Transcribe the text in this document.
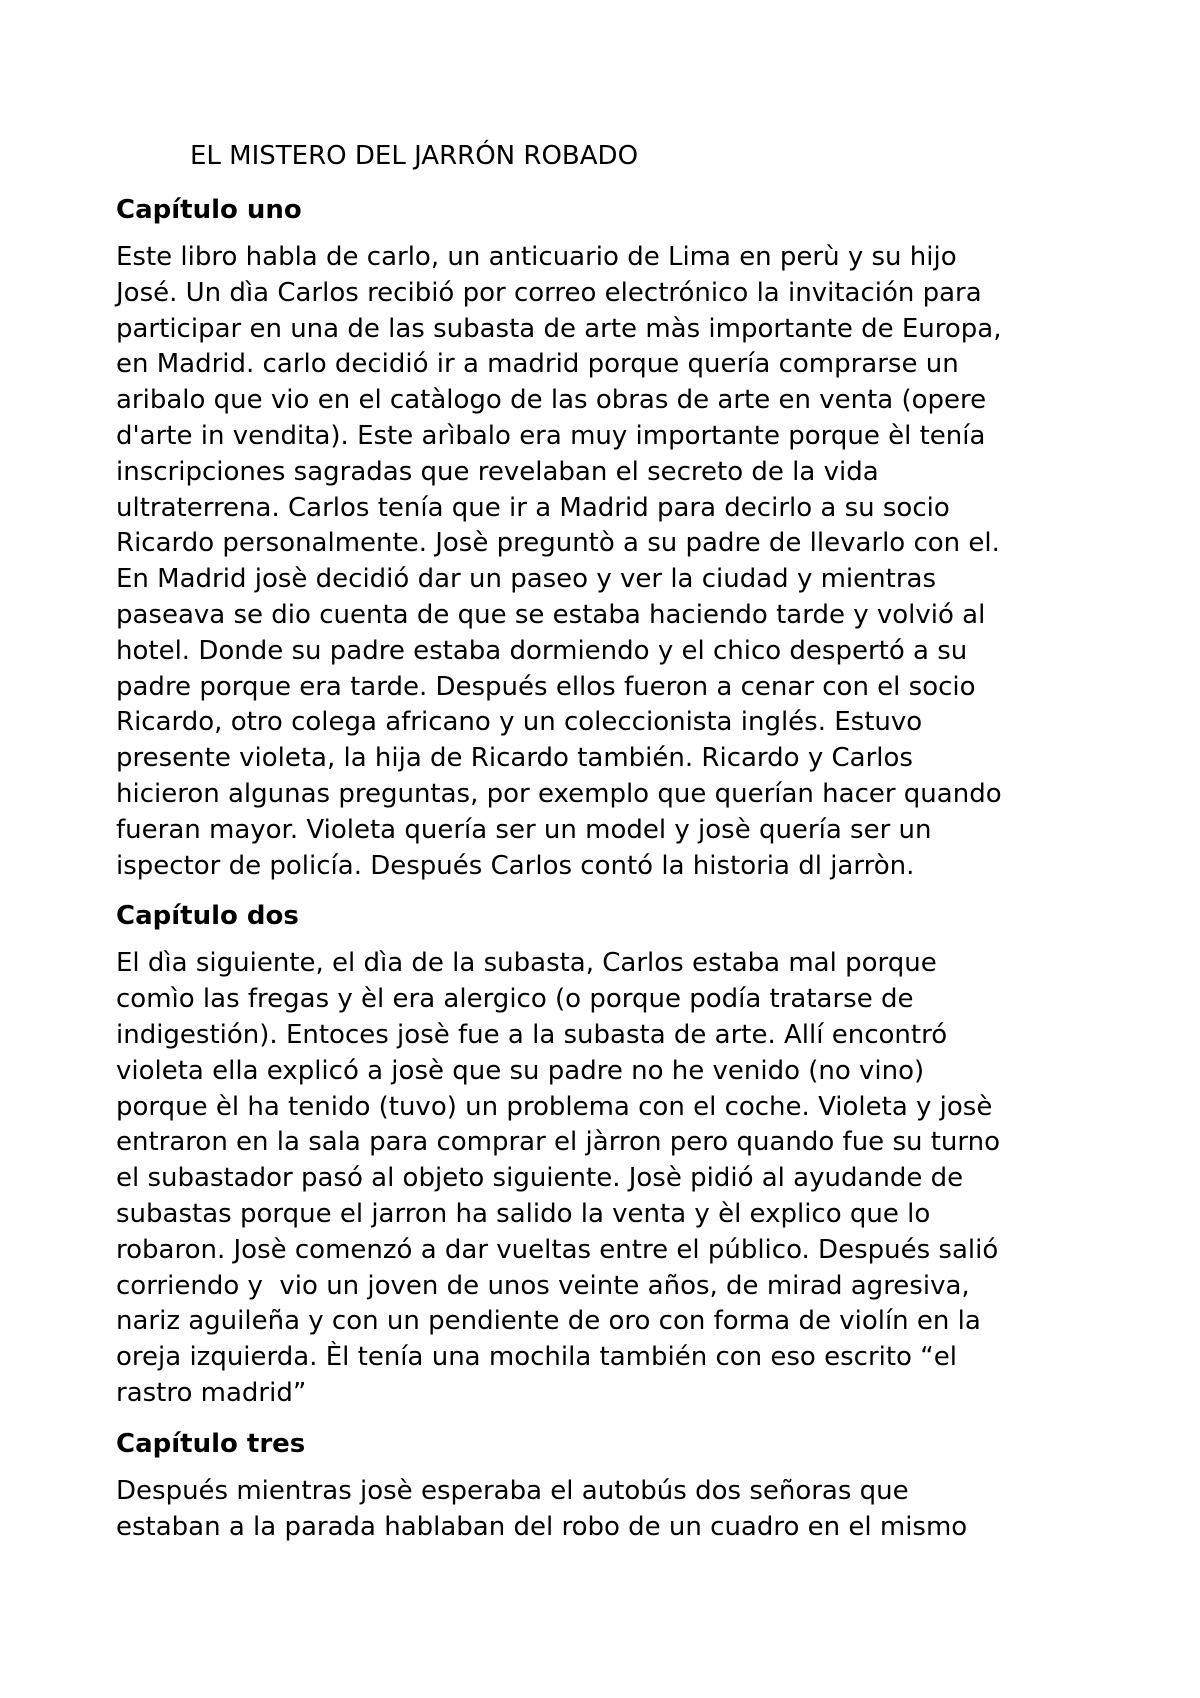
EL MISTERO DEL JARRÓN ROBADO
Capítulo uno

Este libro habla de carlo, un anticuario de Lima en perù y su hijo
José. Un dìa Carlos recibió por correo electrónico la invitación para
participar en una de las subasta de arte màs importante de Europa,
en Madrid. carlo decidió ir a madrid porque quería comprarse un
aribalo que vio en el catàlogo de las obras de arte en venta (opere
d'arte in vendita). Este arìbalo era muy importante porque èl tenía
inscripciones sagradas que revelaban el secreto de la vida
ultraterrena. Carlos tenía que ir a Madrid para decirlo a su socio
Ricardo personalmente. Josè preguntò a su padre de llevarlo con el.
En Madrid josè decidió dar un paseo y ver la ciudad y mientras
paseava se dio cuenta de que se estaba haciendo tarde y volvió al
hotel. Donde su padre estaba dormiendo y el chico despertó a su
padre porque era tarde. Después ellos fueron a cenar con el socio
Ricardo, otro colega africano y un coleccionista inglés. Estuvo
presente violeta, la hija de Ricardo también. Ricardo y Carlos
hicieron algunas preguntas, por exemplo que querían hacer quando
fueran mayor. Violeta quería ser un model y josè quería ser un
ispector de policía. Después Carlos contó la historia dl jarròn.

Capítulo dos

El dìa siguiente, el dìa de la subasta, Carlos estaba mal porque
comìo las fregas y èl era alergico (o porque podía tratarse de
indigestión). Entoces josè fue a la subasta de arte. Allí encontró
violeta ella explicó a josè que su padre no he venido (no vino)
porque èl ha tenido (tuvo) un problema con el coche. Violeta y josè
entraron en la sala para comprar el jàrron pero quando fue su turno
el subastador pasó al objeto siguiente. Josè pidió al ayudande de
subastas porque el jarron ha salido la venta y èl explico que lo
robaron. Josè comenzó a dar vueltas entre el público. Después salió
corriendo y  vio un joven de unos veinte años, de mirad agresiva,
nariz aguileña y con un pendiente de oro con forma de violín en la
oreja izquierda. Èl tenía una mochila también con eso escrito “el
rastro madrid”

Capítulo tres

Después mientras josè esperaba el autobús dos señoras que
estaban a la parada hablaban del robo de un cuadro en el mismo
